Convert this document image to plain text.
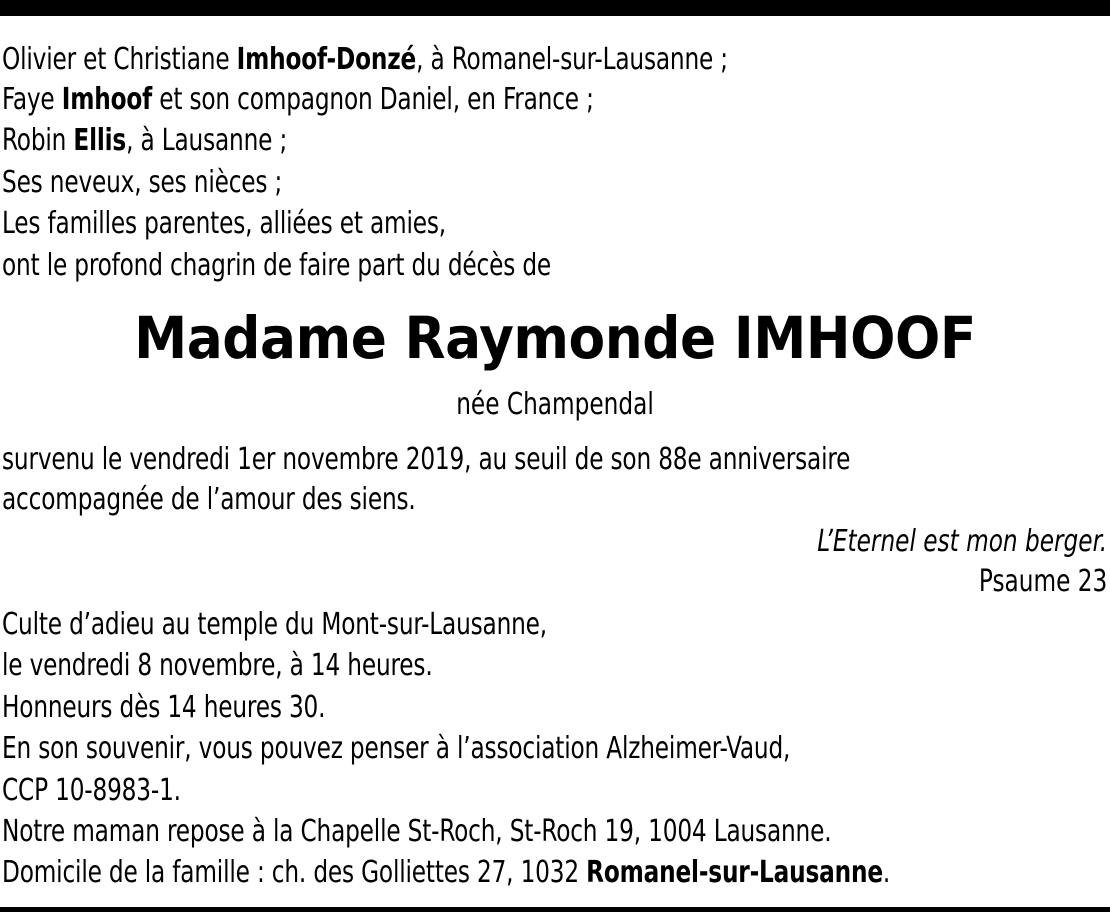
Olivier et Christiane Imhoof-Donzé, à Romanel-sur-Lausanne ;
Faye Imhoof et son compagnon Daniel, en France ;
Robin Ellis, à Lausanne ;
Ses neveux, ses nièces ;
Les familles parentes, alliées et amies,
ont le profond chagrin de faire part du décès de
Madame Raymonde IMHOOF
née Champendal
survenu le vendredi 1er novembre 2019, au seuil de son 88e anniversaire
accompagnée de l’amour des siens.
L’Eternel est mon berger.
Psaume 23
Culte d’adieu au temple du Mont-sur-Lausanne,
le vendredi 8 novembre, à 14 heures.
Honneurs dès 14 heures 30.
En son souvenir, vous pouvez penser à l’association Alzheimer-Vaud,
CCP 10-8983-1.
Notre maman repose à la Chapelle St-Roch, St-Roch 19, 1004 Lausanne.
Domicile de la famille : ch. des Golliettes 27, 1032 Romanel-sur-Lausanne.
